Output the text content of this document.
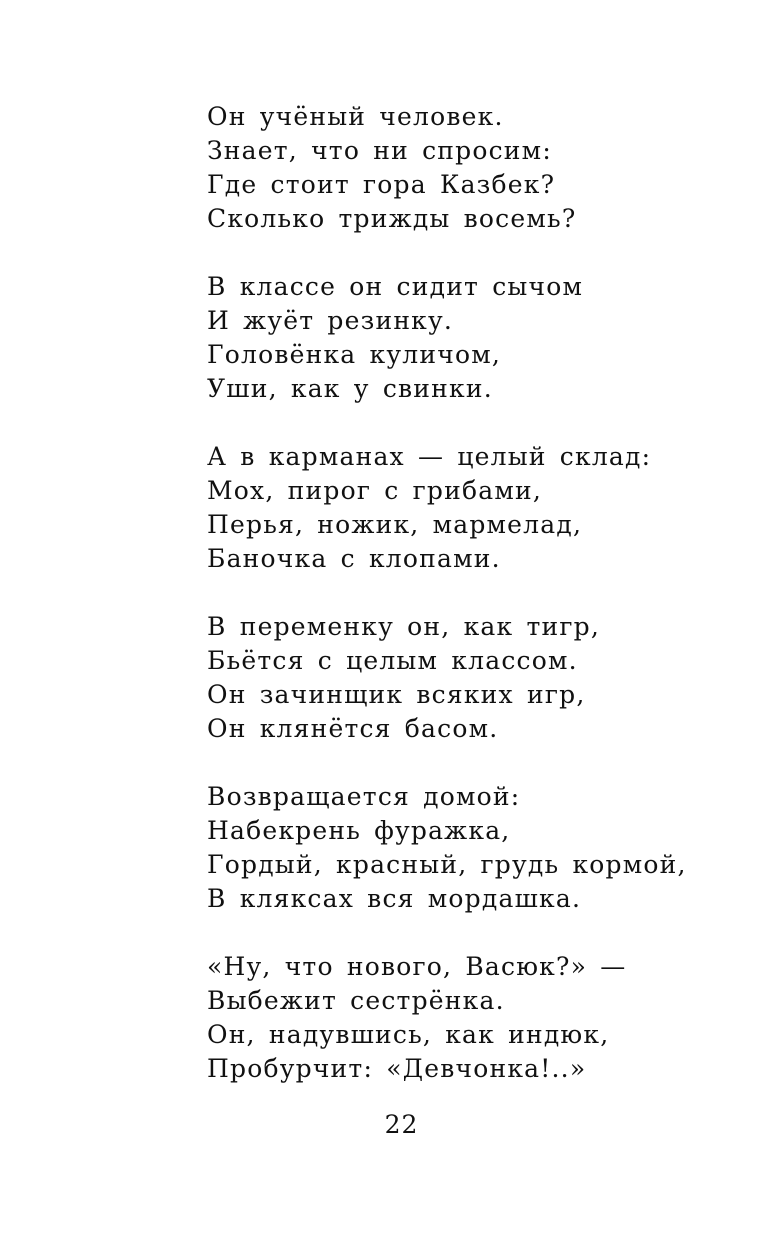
Он учёный человек.
Знает, что ни спросим:
Где стоит гора Казбек?
Сколько трижды восемь?
В классе он сидит сычом
И жуёт резинку.
Головёнка куличом,
Уши, как у свинки.
А в карманах — целый склад:
Мох, пирог с грибами,
Перья, ножик, мармелад,
Баночка с клопами.
В переменку он, как тигр,
Бьётся с целым классом.
Он зачинщик всяких игр,
Он клянётся басом.
Возвращается домой:
Набекрень фуражка,
Гордый, красный, грудь кормой,
В кляксах вся мордашка.
«Ну, что нового, Васюк?» —
Выбежит сестрёнка.
Он, надувшись, как индюк,
Пробурчит: «Девчонка!..»
22
